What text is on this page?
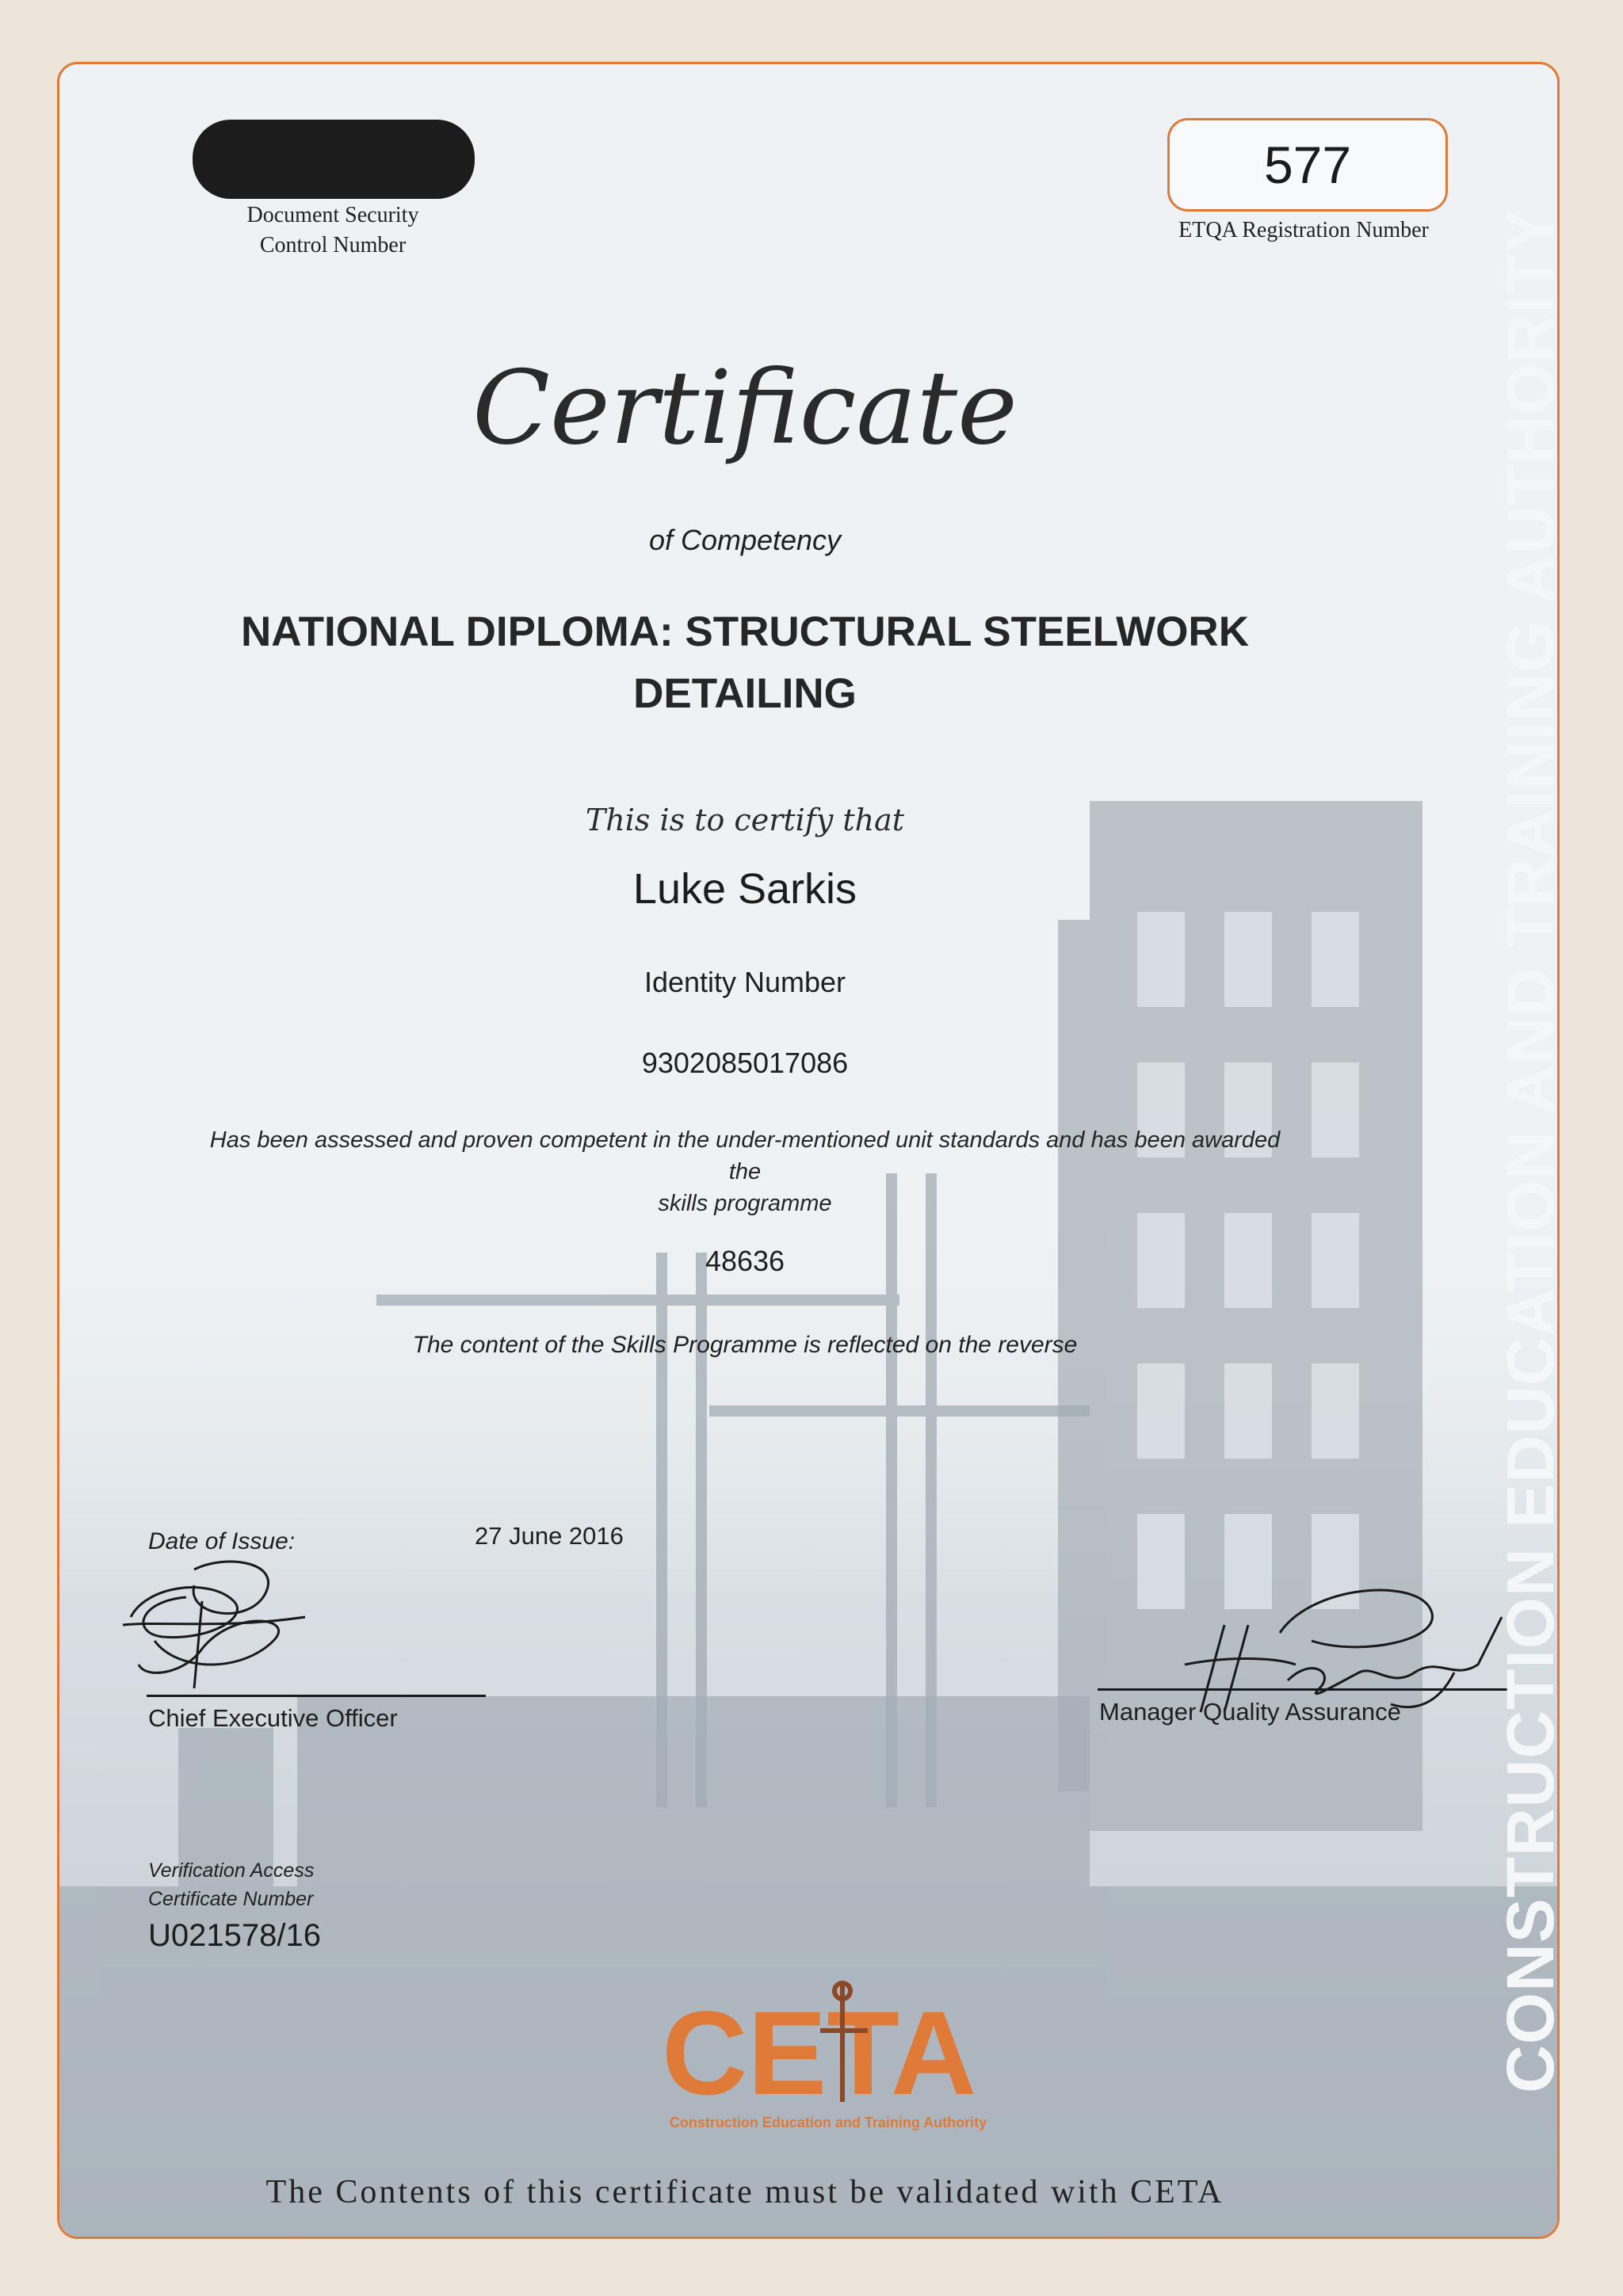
Document Security
Control Number
577
ETQA Registration Number
Certificate
of Competency
NATIONAL DIPLOMA: STRUCTURAL STEELWORK
DETAILING
This is to certify that
Luke Sarkis
Identity Number
9302085017086
Has been assessed and proven competent in the under-mentioned unit standards and has been awarded the
skills programme
48636
The content of the Skills Programme is reflected on the reverse
Date of Issue:	27 June 2016
Chief Executive Officer	Manager Quality Assurance
Verification Access
Certificate Number
U021578/16
CETA
Construction Education and Training Authority
The Contents of this certificate must be validated with CETA
CONSTRUCTION EDUCATION AND TRAINING AUTHORITY
